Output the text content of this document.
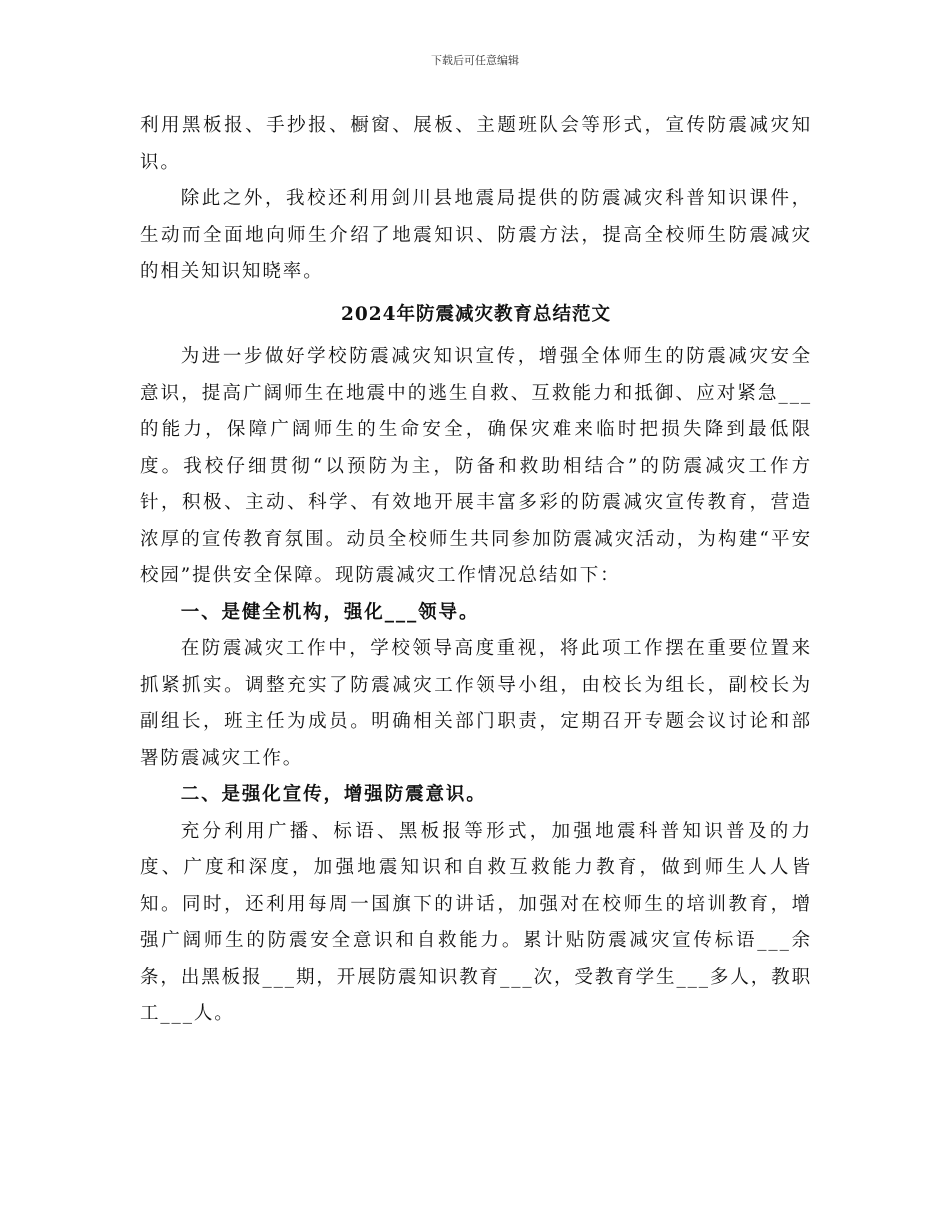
下载后可任意编辑

利用黑板报、手抄报、橱窗、展板、主题班队会等形式，宣传防震减灾知识。

除此之外，我校还利用剑川县地震局提供的防震减灾科普知识课件，生动而全面地向师生介绍了地震知识、防震方法，提高全校师生防震减灾的相关知识知晓率。

2024年防震减灾教育总结范文

为进一步做好学校防震减灾知识宣传，增强全体师生的防震减灾安全意识，提高广阔师生在地震中的逃生自救、互救能力和抵御、应对紧急___的能力，保障广阔师生的生命安全，确保灾难来临时把损失降到最低限度。我校仔细贯彻“以预防为主，防备和救助相结合”的防震减灾工作方针，积极、主动、科学、有效地开展丰富多彩的防震减灾宣传教育，营造浓厚的宣传教育氛围。动员全校师生共同参加防震减灾活动，为构建“平安校园”提供安全保障。现防震减灾工作情况总结如下：

一、是健全机构，强化___领导。

在防震减灾工作中，学校领导高度重视，将此项工作摆在重要位置来抓紧抓实。调整充实了防震减灾工作领导小组，由校长为组长，副校长为副组长，班主任为成员。明确相关部门职责，定期召开专题会议讨论和部署防震减灾工作。

二、是强化宣传，增强防震意识。

充分利用广播、标语、黑板报等形式，加强地震科普知识普及的力度、广度和深度，加强地震知识和自救互救能力教育，做到师生人人皆知。同时，还利用每周一国旗下的讲话，加强对在校师生的培训教育，增强广阔师生的防震安全意识和自救能力。累计贴防震减灾宣传标语___余条，出黑板报___期，开展防震知识教育___次，受教育学生___多人，教职工___人。
